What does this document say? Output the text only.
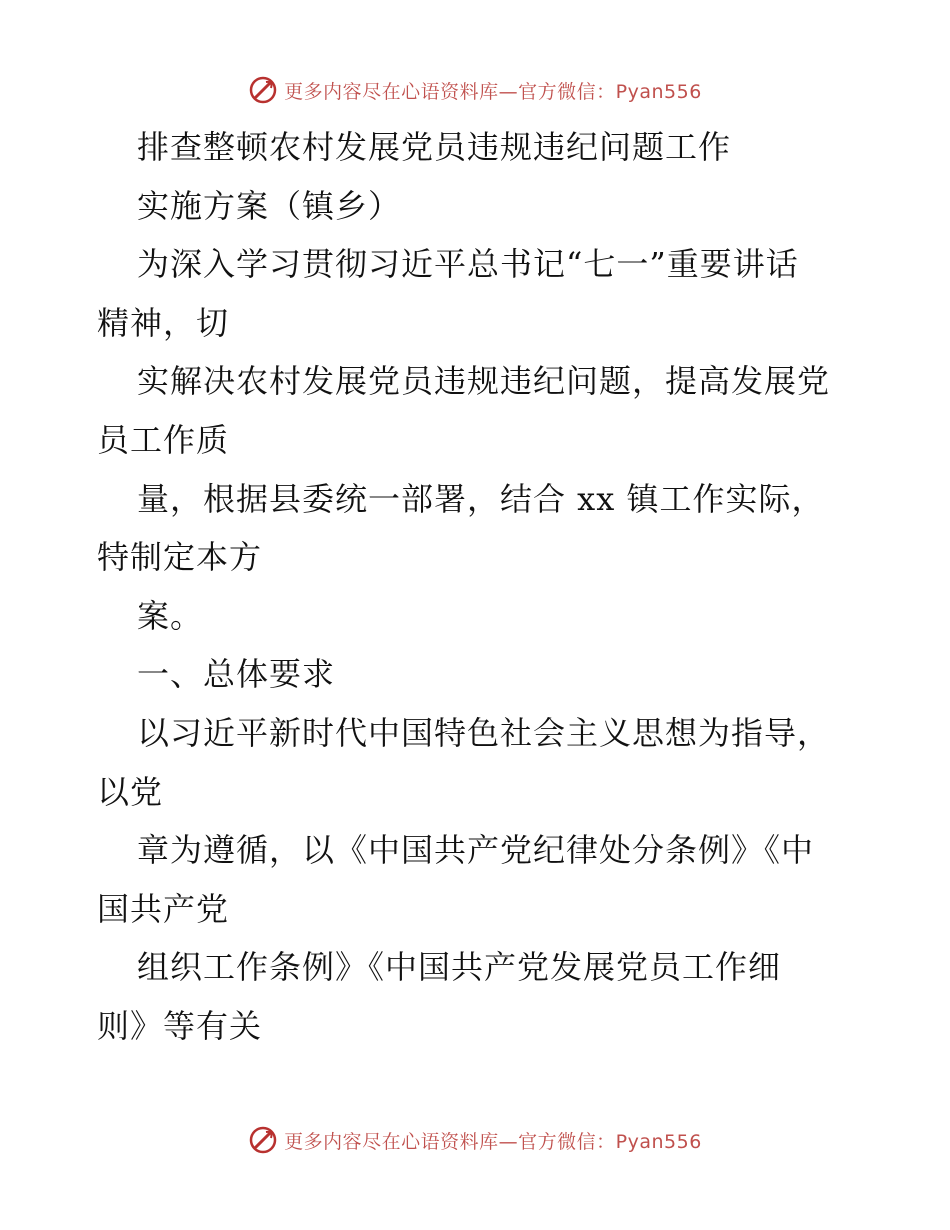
更多内容尽在心语资料库—官方微信：Pyan556
排查整顿农村发展党员违规违纪问题工作
实施方案（镇乡）
为深入学习贯彻习近平总书记“七一”重要讲话
精神，切
实解决农村发展党员违规违纪问题，提高发展党
员工作质
量，根据县委统一部署，结合 xx 镇工作实际，
特制定本方
案。
一、总体要求
以习近平新时代中国特色社会主义思想为指导，
以党
章为遵循，以《中国共产党纪律处分条例》《中
国共产党
组织工作条例》《中国共产党发展党员工作细
则》等有关
更多内容尽在心语资料库—官方微信：Pyan556
